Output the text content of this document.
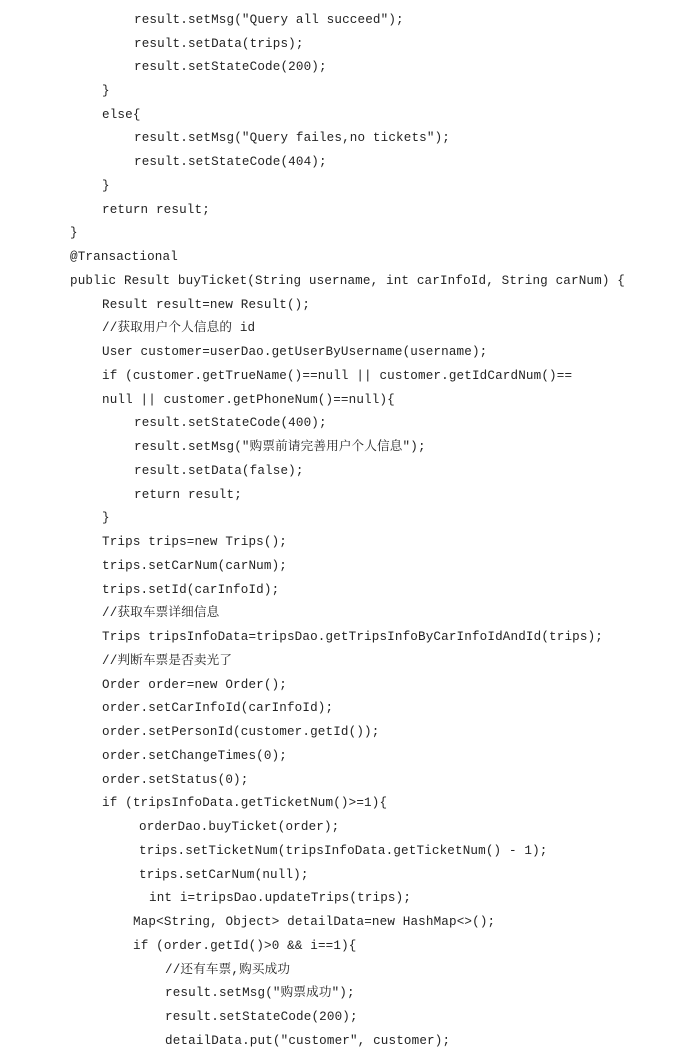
result.setMsg("Query all succeed");
result.setData(trips);
result.setStateCode(200);
}
else{
result.setMsg("Query failes,no tickets");
result.setStateCode(404);
}
return result;
}
@Transactional
public Result buyTicket(String username, int carInfoId, String carNum) {
Result result=new Result();
//获取用户个人信息的 id
User customer=userDao.getUserByUsername(username);
if (customer.getTrueName()==null || customer.getIdCardNum()==
null || customer.getPhoneNum()==null){
result.setStateCode(400);
result.setMsg("购票前请完善用户个人信息");
result.setData(false);
return result;
}
Trips trips=new Trips();
trips.setCarNum(carNum);
trips.setId(carInfoId);
//获取车票详细信息
Trips tripsInfoData=tripsDao.getTripsInfoByCarInfoIdAndId(trips);
//判断车票是否卖光了
Order order=new Order();
order.setCarInfoId(carInfoId);
order.setPersonId(customer.getId());
order.setChangeTimes(0);
order.setStatus(0);
if (tripsInfoData.getTicketNum()>=1){
orderDao.buyTicket(order);
trips.setTicketNum(tripsInfoData.getTicketNum() - 1);
trips.setCarNum(null);
int i=tripsDao.updateTrips(trips);
Map<String, Object> detailData=new HashMap<>();
if (order.getId()>0 && i==1){
//还有车票,购买成功
result.setMsg("购票成功");
result.setStateCode(200);
detailData.put("customer", customer);
